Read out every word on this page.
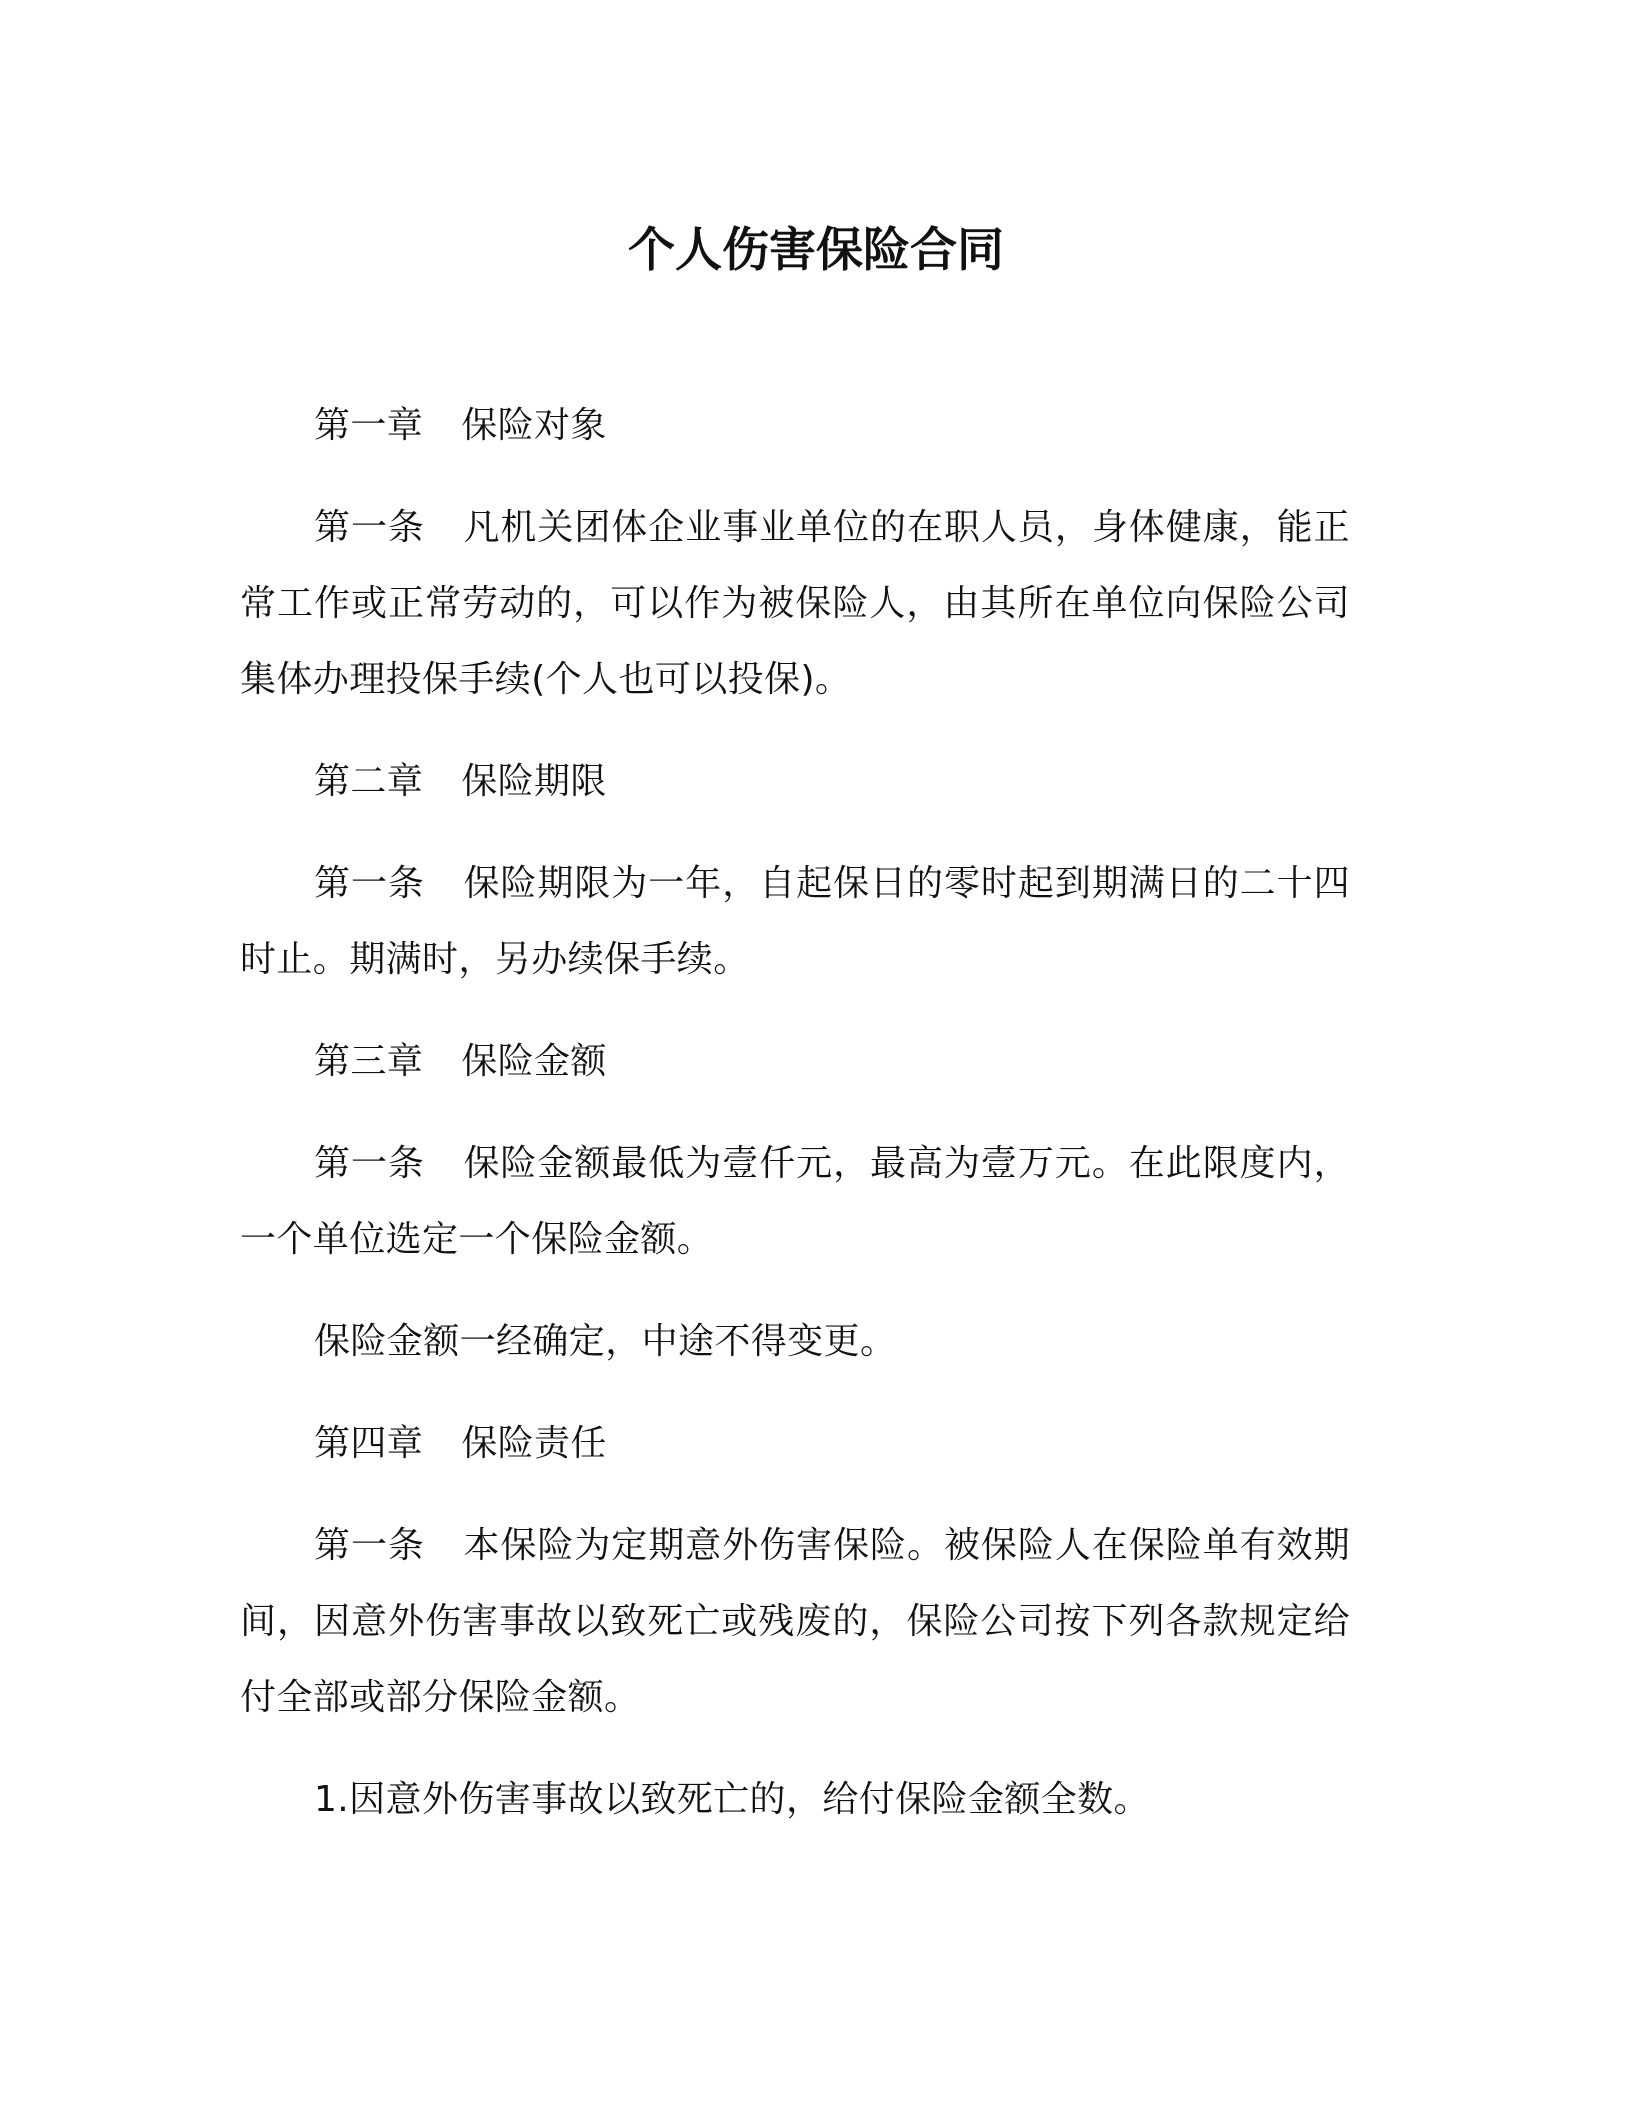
个人伤害保险合同

第一章 保险对象

第一条 凡机关团体企业事业单位的在职人员，身体健康，能正常工作或正常劳动的，可以作为被保险人，由其所在单位向保险公司集体办理投保手续(个人也可以投保)。

第二章 保险期限

第一条 保险期限为一年，自起保日的零时起到期满日的二十四时止。期满时，另办续保手续。

第三章 保险金额

第一条 保险金额最低为壹仟元，最高为壹万元。在此限度内，一个单位选定一个保险金额。

保险金额一经确定，中途不得变更。

第四章 保险责任

第一条 本保险为定期意外伤害保险。被保险人在保险单有效期间，因意外伤害事故以致死亡或残废的，保险公司按下列各款规定给付全部或部分保险金额。

1.因意外伤害事故以致死亡的，给付保险金额全数。
